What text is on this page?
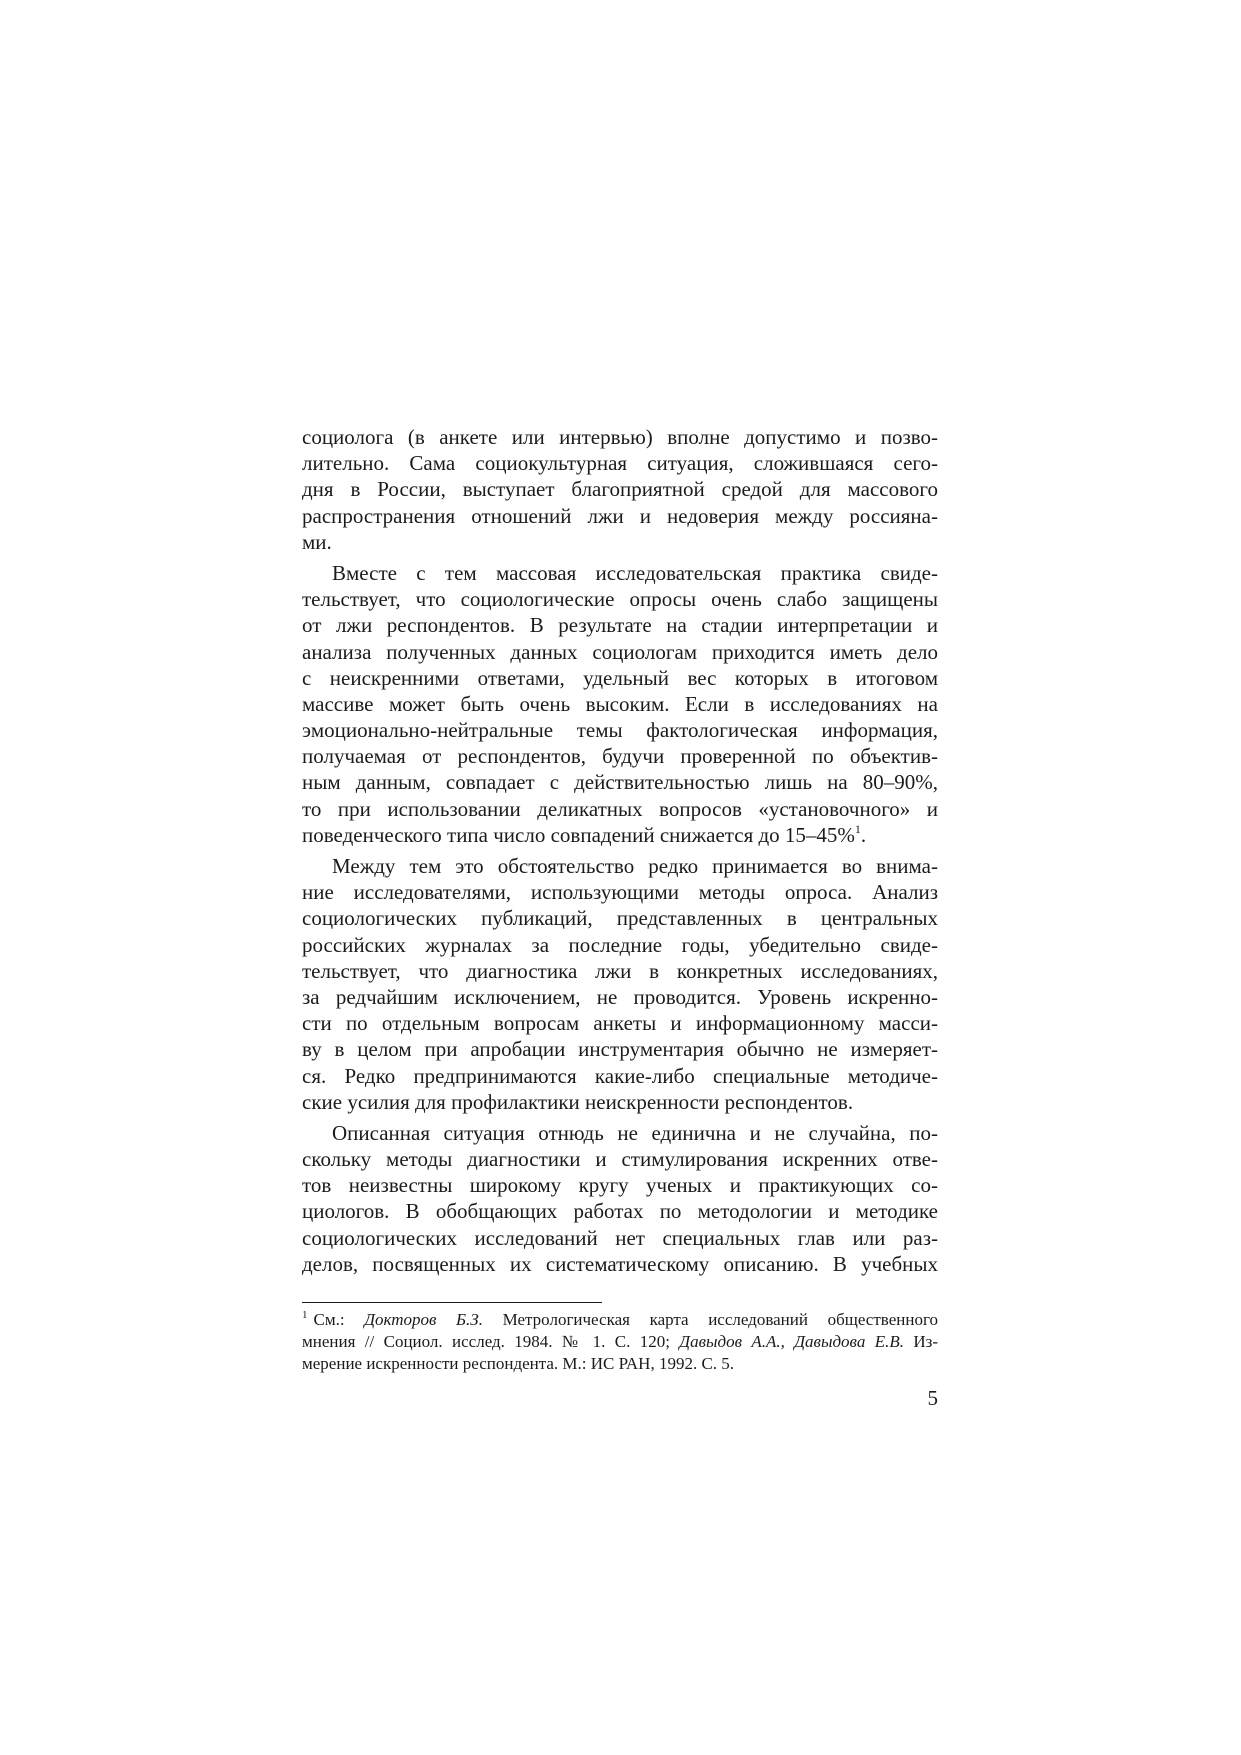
социолога (в анкете или интервью) вполне допустимо и позво-
лительно. Сама социокультурная ситуация, сложившаяся сего-
дня в России, выступает благоприятной средой для массового
распространения отношений лжи и недоверия между россияна-
ми.
Вместе с тем массовая исследовательская практика свиде-
тельствует, что социологические опросы очень слабо защищены
от лжи респондентов. В результате на стадии интерпретации и
анализа полученных данных социологам приходится иметь дело
с неискренними ответами, удельный вес которых в итоговом
массиве может быть очень высоким. Если в исследованиях на
эмоционально-нейтральные темы фактологическая информация,
получаемая от респондентов, будучи проверенной по объектив-
ным данным, совпадает с действительностью лишь на 80–90%,
то при использовании деликатных вопросов «установочного» и
поведенческого типа число совпадений снижается до 15–45%$^1$.
Между тем это обстоятельство редко принимается во внима-
ние исследователями, использующими методы опроса. Анализ
социологических публикаций, представленных в центральных
российских журналах за последние годы, убедительно свиде-
тельствует, что диагностика лжи в конкретных исследованиях,
за редчайшим исключением, не проводится. Уровень искренно-
сти по отдельным вопросам анкеты и информационному масси-
ву в целом при апробации инструментария обычно не измеряет-
ся. Редко предпринимаются какие-либо специальные методиче-
ские усилия для профилактики неискренности респондентов.
Описанная ситуация отнюдь не единична и не случайна, по-
скольку методы диагностики и стимулирования искренних отве-
тов неизвестны широкому кругу ученых и практикующих со-
циологов. В обобщающих работах по методологии и методике
социологических исследований нет специальных глав или раз-
делов, посвященных их систематическому описанию. В учебных
$^1$ См.: Докторов Б.З. Метрологическая карта исследований общественного
мнения // Социол. исслед. 1984. № 1. С. 120; Давыдов А.А., Давыдова Е.В. Из-
мерение искренности респондента. М.: ИС РАН, 1992. С. 5.
5
